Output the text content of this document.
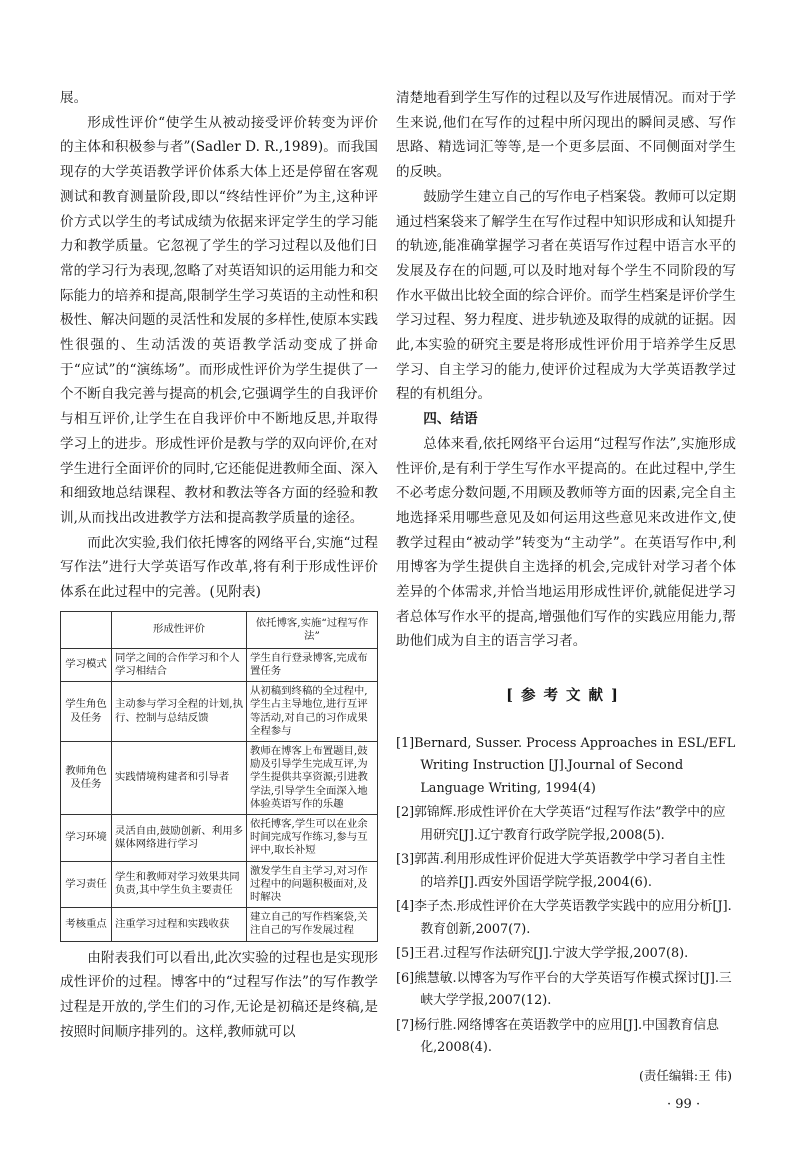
展。

形成性评价“使学生从被动接受评价转变为评价的主体和积极参与者”(Sadler D. R.,1989)。而我国现存的大学英语教学评价体系大体上还是停留在客观测试和教育测量阶段,即以“终结性评价”为主,这种评价方式以学生的考试成绩为依据来评定学生的学习能力和教学质量。它忽视了学生的学习过程以及他们日常的学习行为表现,忽略了对英语知识的运用能力和交际能力的培养和提高,限制学生学习英语的主动性和积极性、解决问题的灵活性和发展的多样性,使原本实践性很强的、生动活泼的英语教学活动变成了拼命于“应试”的“演练场”。而形成性评价为学生提供了一个不断自我完善与提高的机会,它强调学生的自我评价与相互评价,让学生在自我评价中不断地反思,并取得学习上的进步。形成性评价是教与学的双向评价,在对学生进行全面评价的同时,它还能促进教师全面、深入和细致地总结课程、教材和教法等各方面的经验和教训,从而找出改进教学方法和提高教学质量的途径。

而此次实验,我们依托博客的网络平台,实施“过程写作法”进行大学英语写作改革,将有利于形成性评价体系在此过程中的完善。(见附表)

	形成性评价	依托博客,实施“过程写作法”
学习模式	同学之间的合作学习和个人学习相结合	学生自行登录博客,完成布置任务
学生角色及任务	主动参与学习全程的计划,执行、控制与总结反馈	从初稿到终稿的全过程中,学生占主导地位,进行互评等活动,对自己的习作成果全程参与
教师角色及任务	实践情境构建者和引导者	教师在博客上布置题目,鼓励及引导学生完成互评,为学生提供共享资源;引进教学法,引导学生全面深入地体验英语写作的乐趣
学习环境	灵活自由,鼓励创新、利用多媒体网络进行学习	依托博客,学生可以在业余时间完成写作练习,参与互评中,取长补短
学习责任	学生和教师对学习效果共同负责,其中学生负主要责任	激发学生自主学习,对习作过程中的问题积极面对,及时解决
考核重点	注重学习过程和实践收获	建立自己的写作档案袋,关注自己的写作发展过程

由附表我们可以看出,此次实验的过程也是实现形成性评价的过程。博客中的“过程写作法”的写作教学过程是开放的,学生们的习作,无论是初稿还是终稿,是按照时间顺序排列的。这样,教师就可以

清楚地看到学生写作的过程以及写作进展情况。而对于学生来说,他们在写作的过程中所闪现出的瞬间灵感、写作思路、精选词汇等等,是一个更多层面、不同侧面对学生的反映。

鼓励学生建立自己的写作电子档案袋。教师可以定期通过档案袋来了解学生在写作过程中知识形成和认知提升的轨迹,能准确掌握学习者在英语写作过程中语言水平的发展及存在的问题,可以及时地对每个学生不同阶段的写作水平做出比较全面的综合评价。而学生档案是评价学生学习过程、努力程度、进步轨迹及取得的成就的证据。因此,本实验的研究主要是将形成性评价用于培养学生反思学习、自主学习的能力,使评价过程成为大学英语教学过程的有机组分。

四、结语

总体来看,依托网络平台运用“过程写作法”,实施形成性评价,是有利于学生写作水平提高的。在此过程中,学生不必考虑分数问题,不用顾及教师等方面的因素,完全自主地选择采用哪些意见及如何运用这些意见来改进作文,使教学过程由“被动学”转变为“主动学”。在英语写作中,利用博客为学生提供自主选择的机会,完成针对学习者个体差异的个体需求,并恰当地运用形成性评价,就能促进学习者总体写作水平的提高,增强他们写作的实践应用能力,帮助他们成为自主的语言学习者。

[参考文献]

[1]Bernard, Susser. Process Approaches in ESL/EFL Writing Instruction [J].Journal of Second Language Writing, 1994(4)

[2]郭锦辉.形成性评价在大学英语“过程写作法”教学中的应用研究[J].辽宁教育行政学院学报,2008(5).

[3]郭茜.利用形成性评价促进大学英语教学中学习者自主性的培养[J].西安外国语学院学报,2004(6).

[4]李子杰.形成性评价在大学英语教学实践中的应用分析[J].教育创新,2007(7).

[5]王君.过程写作法研究[J].宁波大学学报,2007(8).

[6]熊慧敏.以博客为写作平台的大学英语写作模式探讨[J].三峡大学学报,2007(12).

[7]杨行胜.网络博客在英语教学中的应用[J].中国教育信息化,2008(4).

(责任编辑:王 伟)

· 99 ·
